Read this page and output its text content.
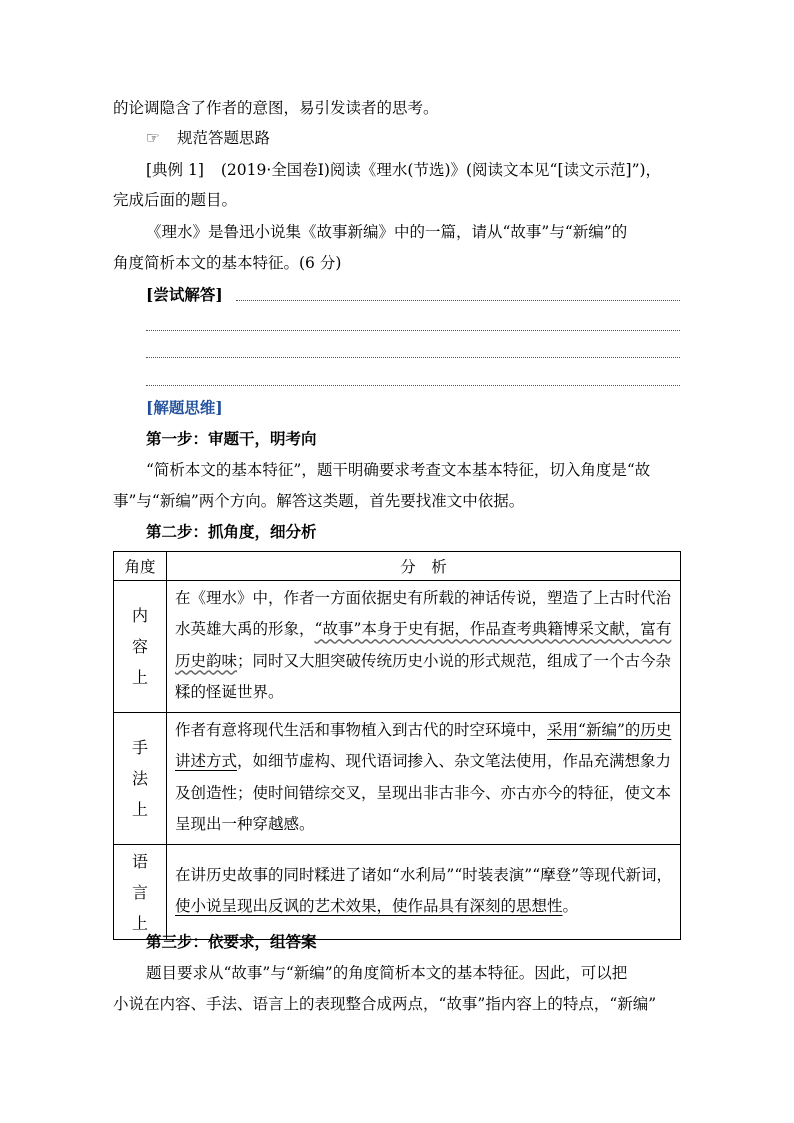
的论调隐含了作者的意图，易引发读者的思考。
☞ 规范答题思路
[典例 1] (2019·全国卷Ⅰ)阅读《理水(节选)》(阅读文本见“[读文示范]”)，
完成后面的题目。
《理水》是鲁迅小说集《故事新编》中的一篇，请从“故事”与“新编”的
角度简析本文的基本特征。(6 分)
[尝试解答]
[解题思维]
第一步：审题干，明考向
“简析本文的基本特征”，题干明确要求考查文本基本特征，切入角度是“故
事”与“新编”两个方向。解答这类题，首先要找准文中依据。
第二步：抓角度，细分析
角度	分　析
内
容
上	在《理水》中，作者一方面依据史有所载的神话传说，塑造了上古时代治水英雄大禹的形象，“故事”本身于史有据，作品查考典籍博采文献，富有历史韵味；同时又大胆突破传统历史小说的形式规范，组成了一个古今杂糅的怪诞世界。
手
法
上	作者有意将现代生活和事物植入到古代的时空环境中，采用“新编”的历史讲述方式，如细节虚构、现代语词掺入、杂文笔法使用，作品充满想象力及创造性；使时间错综交叉，呈现出非古非今、亦古亦今的特征，使文本呈现出一种穿越感。
语
言
上	在讲历史故事的同时糅进了诸如“水利局”“时装表演”“摩登”等现代新词，使小说呈现出反讽的艺术效果，使作品具有深刻的思想性。
第三步：依要求，组答案
题目要求从“故事”与“新编”的角度简析本文的基本特征。因此，可以把
小说在内容、手法、语言上的表现整合成两点，“故事”指内容上的特点，“新编”
